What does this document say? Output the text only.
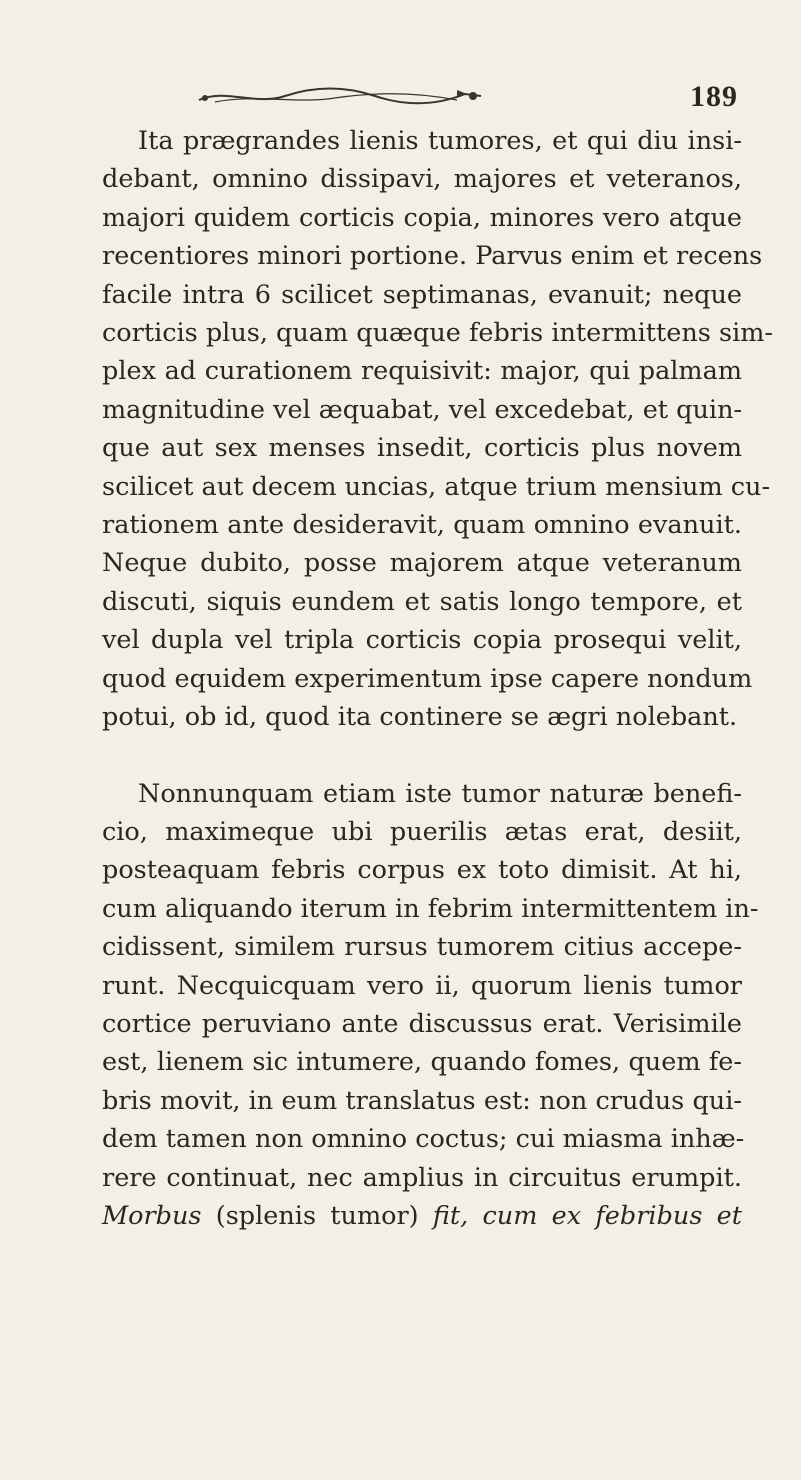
189
Ita prægrandes lienis tumores, et qui diu insi-
debant, omnino dissipavi, majores et veteranos,
majori quidem corticis copia, minores vero atque
recentiores minori portione. Parvus enim et recens
facile intra 6 scilicet septimanas, evanuit; neque
corticis plus, quam quæque febris intermittens sim-
plex ad curationem requisivit: major, qui palmam
magnitudine vel æquabat, vel excedebat, et quin-
que aut sex menses insedit, corticis plus novem
scilicet aut decem uncias, atque trium mensium cu-
rationem ante desideravit, quam omnino evanuit.
Neque dubito, posse majorem atque veteranum
discuti, siquis eundem et satis longo tempore, et
vel dupla vel tripla corticis copia prosequi velit,
quod equidem experimentum ipse capere nondum
potui, ob id, quod ita continere se ægri nolebant.
Nonnunquam etiam iste tumor naturæ benefi-
cio, maximeque ubi puerilis ætas erat, desiit,
posteaquam febris corpus ex toto dimisit. At hi,
cum aliquando iterum in febrim intermittentem in-
cidissent, similem rursus tumorem citius accepe-
runt. Necquicquam vero ii, quorum lienis tumor
cortice peruviano ante discussus erat. Verisimile
est, lienem sic intumere, quando fomes, quem fe-
bris movit, in eum translatus est: non crudus qui-
dem tamen non omnino coctus; cui miasma inhæ-
rere continuat, nec amplius in circuitus erumpit.
Morbus (splenis tumor) fit, cum ex febribus et
